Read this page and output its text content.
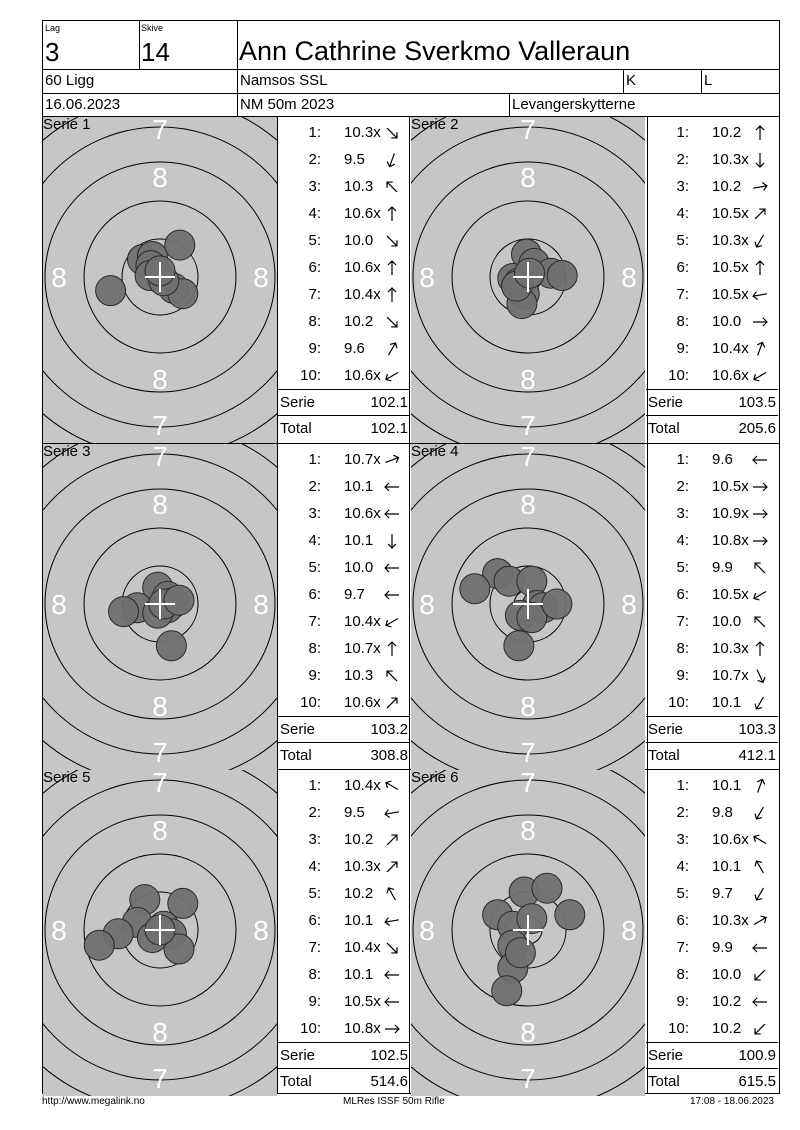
Lag
3
Skive
14	Ann Cathrine Sverkmo Valleraun
60 Ligg	Namsos SSL	K	L
16.06.2023	NM 50m 2023	Levangerskytterne
7
8
8	8
8
7
Serie 1	1: 10.3x
2: 9.5
3: 10.3
4: 10.6x
5: 10.0
6: 10.6x
7: 10.4x
8: 10.2
9: 9.6
10: 10.6x
Serie	102.1
Total	102.1
7
8
8	8
8
7
Serie 2	1: 10.2
2: 10.3x
3: 10.2
4: 10.5x
5: 10.3x
6: 10.5x
7: 10.5x
8: 10.0
9: 10.4x
10: 10.6x
Serie	103.5
Total	205.6
7
8
8	8
8
7
Serie 3	1: 10.7x
2: 10.1
3: 10.6x
4: 10.1
5: 10.0
6: 9.7
7: 10.4x
8: 10.7x
9: 10.3
10: 10.6x
Serie	103.2
Total	308.8
7
8
8	8
8
7
Serie 4	1: 9.6
2: 10.5x
3: 10.9x
4: 10.8x
5: 9.9
6: 10.5x
7: 10.0
8: 10.3x
9: 10.7x
10: 10.1
Serie	103.3
Total	412.1
7
8
8	8
8
7
Serie 5	1: 10.4x
2: 9.5
3: 10.2
4: 10.3x
5: 10.2
6: 10.1
7: 10.4x
8: 10.1
9: 10.5x
10: 10.8x
Serie	102.5
Total	514.6
7
8
8	8
8
7
Serie 6	1: 10.1
2: 9.8
3: 10.6x
4: 10.1
5: 9.7
6: 10.3x
7: 9.9
8: 10.0
9: 10.2
10: 10.2
Serie	100.9
Total	615.5
http://www.megalink.no	MLRes ISSF 50m Rifle	17:08 - 18.06.2023
